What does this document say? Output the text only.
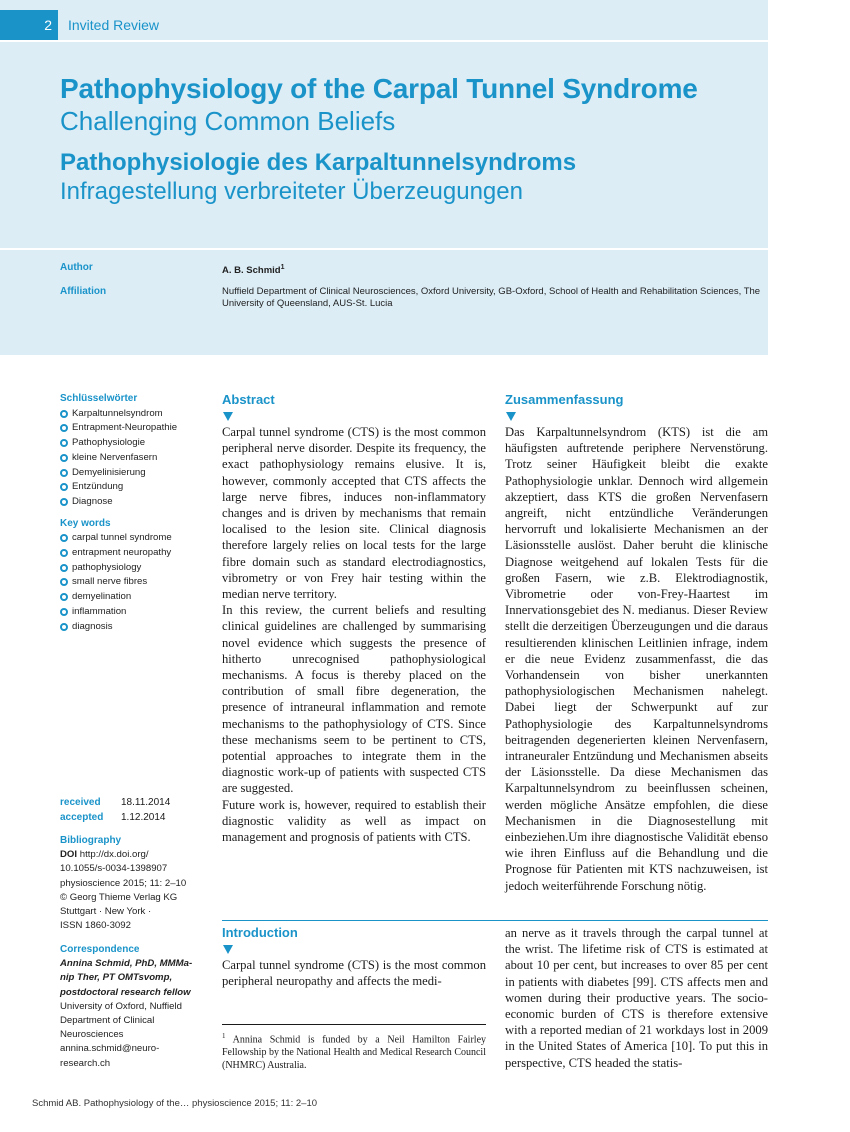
2 Invited Review
Pathophysiology of the Carpal Tunnel Syndrome
Challenging Common Beliefs
Pathophysiologie des Karpaltunnelsyndroms
Infragestellung verbreiteter Überzeugungen
Author	A. B. Schmid$^1$
Affiliation	Nuffield Department of Clinical Neurosciences, Oxford University, GB-Oxford, School of Health and Rehabilitation Sciences, The University of Queensland, AUS-St. Lucia
Schlüsselwörter
Karpaltunnelsyndrom
Entrapment-Neuropathie
Pathophysiologie
kleine Nervenfasern
Demyelinisierung
Entzündung
Diagnose
Key words
carpal tunnel syndrome
entrapment neuropathy
pathophysiology
small nerve fibres
demyelination
inflammation
diagnosis
received	18.11.2014
accepted	1.12.2014
Bibliography
DOI http://dx.doi.org/
10.1055/s-0034-1398907
physioscience 2015; 11: 2–10
© Georg Thieme Verlag KG
Stuttgart · New York ·
ISSN 1860-3092
Correspondence
Annina Schmid, PhD, MMMa-
nip Ther, PT OMTsvomp,
postdoctoral research fellow
University of Oxford, Nuffield
Department of Clinical
Neurosciences
annina.schmid@neuro-
research.ch
Abstract

Carpal tunnel syndrome (CTS) is the most common peripheral nerve disorder. Despite its frequency, the exact pathophysiology remains elusive. It is, however, commonly accepted that CTS affects the large nerve fibres, induces non-inflammatory changes and is driven by mechanisms that remain localised to the lesion site. Clinical diagnosis therefore largely relies on local tests for the large fibre domain such as standard electrodiagnostics, vibrometry or von Frey hair testing within the median nerve territory.

In this review, the current beliefs and resulting clinical guidelines are challenged by summarising novel evidence which suggests the presence of hitherto unrecognised pathophysiological mechanisms. A focus is thereby placed on the contribution of small fibre degeneration, the presence of intraneural inflammation and remote mechanisms to the pathophysiology of CTS. Since these mechanisms seem to be pertinent to CTS, potential approaches to integrate them in the diagnostic work-up of patients with suspected CTS are suggested.

Future work is, however, required to establish their diagnostic validity as well as impact on management and prognosis of patients with CTS.

Zusammenfassung

Das Karpaltunnelsyndrom (KTS) ist die am häufigsten auftretende periphere Nervenstörung. Trotz seiner Häufigkeit bleibt die exakte Pathophysiologie unklar. Dennoch wird allgemein akzeptiert, dass KTS die großen Nervenfasern angreift, nicht entzündliche Veränderungen hervorruft und lokalisierte Mechanismen an der Läsionsstelle auslöst. Daher beruht die klinische Diagnose weitgehend auf lokalen Tests für die großen Fasern, wie z.B. Elektrodiagnostik, Vibrometrie oder von-Frey-Haartest im Innervationsgebiet des N. medianus. Dieser Review stellt die derzeitigen Überzeugungen und die daraus resultierenden klinischen Leitlinien infrage, indem er die neue Evidenz zusammenfasst, die das Vorhandensein von bisher unerkannten pathophysiologischen Mechanismen nahelegt. Dabei liegt der Schwerpunkt auf zur Pathophysiologie des Karpaltunnelsyndroms beitragenden degenerierten kleinen Nervenfasern, intraneuraler Entzündung und Mechanismen abseits der Läsionsstelle. Da diese Mechanismen das Karpaltunnelsyndrom zu beeinflussen scheinen, werden mögliche Ansätze empfohlen, die diese Mechanismen in die Diagnosestellung mit einbeziehen.Um ihre diagnostische Validität ebenso wie ihren Einfluss auf die Behandlung und die Prognose für Patienten mit KTS nachzuweisen, ist jedoch weiterführende Forschung nötig.

Introduction

Carpal tunnel syndrome (CTS) is the most common peripheral neuropathy and affects the medi-

an nerve as it travels through the carpal tunnel at the wrist. The lifetime risk of CTS is estimated at about 10 per cent, but increases to over 85 per cent in patients with diabetes [99]. CTS affects men and women during their productive years. The socio-economic burden of CTS is therefore extensive with a reported median of 21 workdays lost in 2009 in the United States of America [10]. To put this in perspective, CTS headed the statis-

$^1$ Annina Schmid is funded by a Neil Hamilton Fairley Fellowship by the National Health and Medical Research Council (NHMRC) Australia.
Schmid AB. Pathophysiology of the… physioscience 2015; 11: 2–10
